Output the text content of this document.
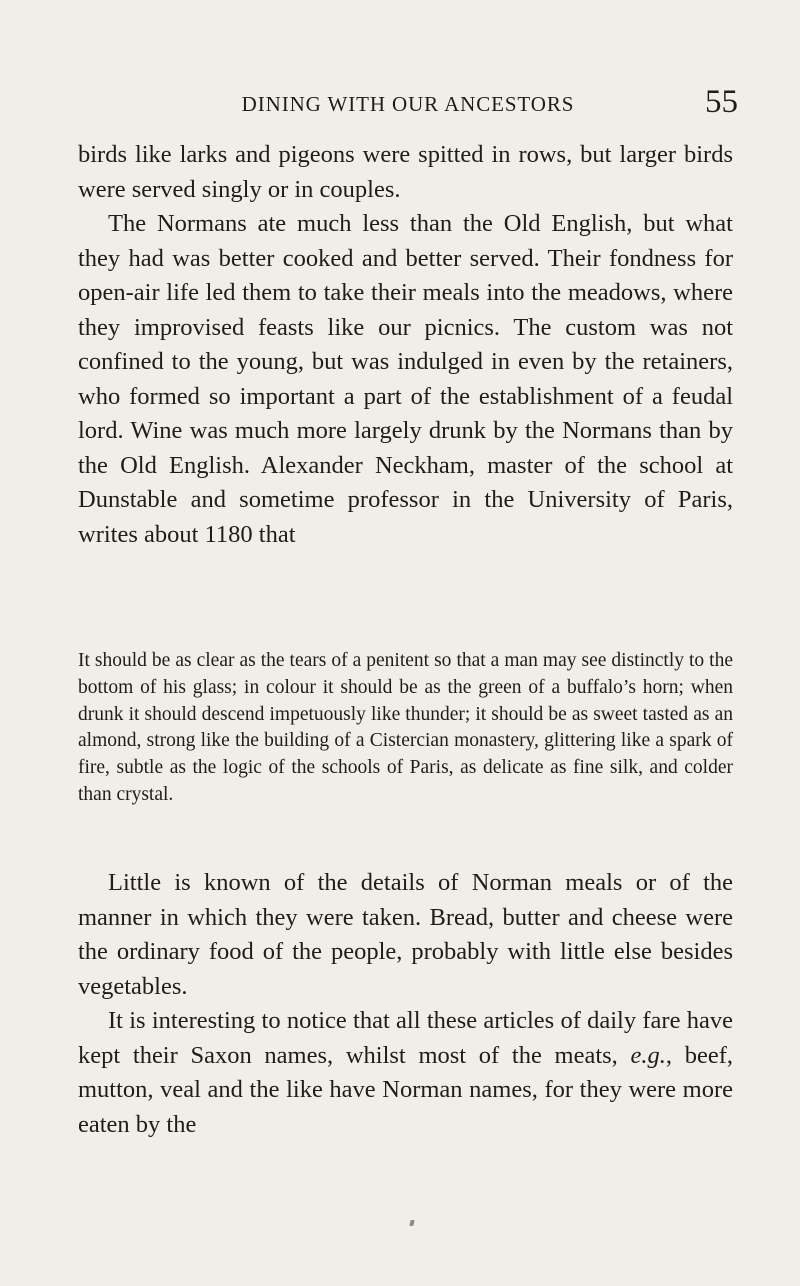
DINING WITH OUR ANCESTORS	55

birds like larks and pigeons were spitted in rows, but larger birds were served singly or in couples.

The Normans ate much less than the Old English, but what they had was better cooked and better served. Their fondness for open-air life led them to take their meals into the meadows, where they improvised feasts like our picnics. The custom was not confined to the young, but was indulged in even by the retainers, who formed so important a part of the establishment of a feudal lord. Wine was much more largely drunk by the Normans than by the Old English. Alexander Neckham, master of the school at Dunstable and sometime professor in the University of Paris, writes about 1180 that

It should be as clear as the tears of a penitent so that a man may see distinctly to the bottom of his glass; in colour it should be as the green of a buffalo’s horn; when drunk it should descend impetuously like thunder; it should be as sweet tasted as an almond, strong like the building of a Cistercian monastery, glittering like a spark of fire, subtle as the logic of the schools of Paris, as delicate as fine silk, and colder than crystal.

Little is known of the details of Norman meals or of the manner in which they were taken. Bread, butter and cheese were the ordinary food of the people, probably with little else besides vegetables.

It is interesting to notice that all these articles of daily fare have kept their Saxon names, whilst most of the meats, e.g., beef, mutton, veal and the like have Norman names, for they were more eaten by the
